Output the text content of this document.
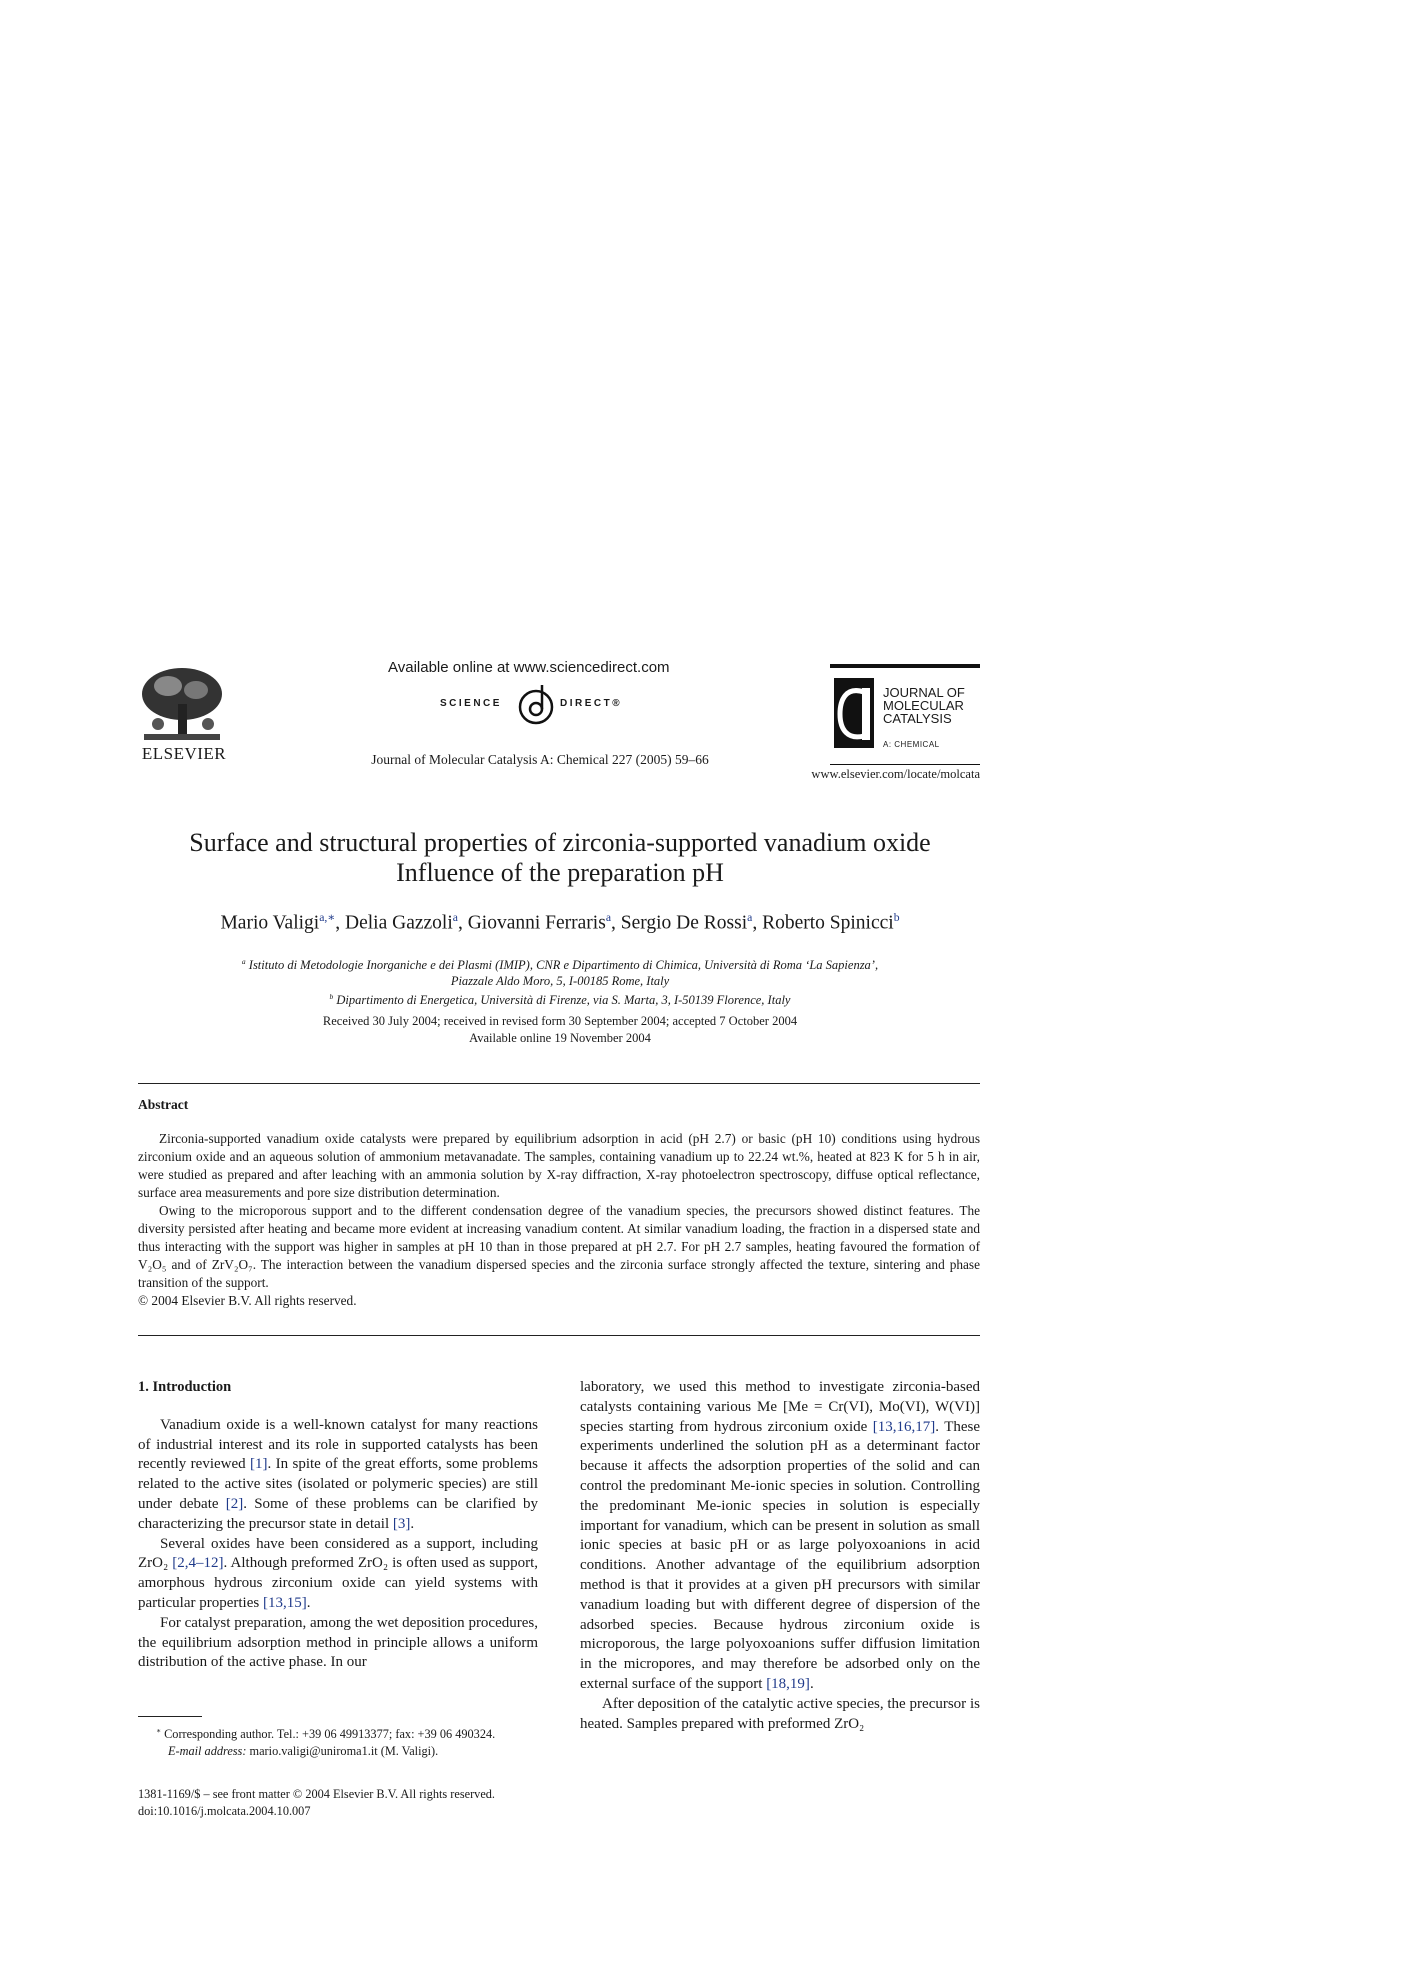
ELSEVIER
Available online at www.sciencedirect.com
SCIENCE	DIRECT®
Journal of Molecular Catalysis A: Chemical 227 (2005) 59–66
JOURNAL OF
MOLECULAR
CATALYSIS
A: CHEMICAL
www.elsevier.com/locate/molcata
Surface and structural properties of zirconia-supported vanadium oxide
Influence of the preparation pH
Mario Valigi$^{a,∗}$, Delia Gazzoli$^a$, Giovanni Ferraris$^a$, Sergio De Rossi$^a$, Roberto Spinicci$^b$
$^a$ Istituto di Metodologie Inorganiche e dei Plasmi (IMIP), CNR e Dipartimento di Chimica, Università di Roma ‘La Sapienza’,
Piazzale Aldo Moro, 5, I-00185 Rome, Italy
$^b$ Dipartimento di Energetica, Università di Firenze, via S. Marta, 3, I-50139 Florence, Italy
Received 30 July 2004; received in revised form 30 September 2004; accepted 7 October 2004
Available online 19 November 2004
Abstract

Zirconia-supported vanadium oxide catalysts were prepared by equilibrium adsorption in acid (pH 2.7) or basic (pH 10) conditions using hydrous zirconium oxide and an aqueous solution of ammonium metavanadate. The samples, containing vanadium up to 22.24 wt.%, heated at 823 K for 5 h in air, were studied as prepared and after leaching with an ammonia solution by X-ray diffraction, X-ray photoelectron spectroscopy, diffuse optical reflectance, surface area measurements and pore size distribution determination.

Owing to the microporous support and to the different condensation degree of the vanadium species, the precursors showed distinct features. The diversity persisted after heating and became more evident at increasing vanadium content. At similar vanadium loading, the fraction in a dispersed state and thus interacting with the support was higher in samples at pH 10 than in those prepared at pH 2.7. For pH 2.7 samples, heating favoured the formation of V₂O₅ and of ZrV₂O₇. The interaction between the vanadium dispersed species and the zirconia surface strongly affected the texture, sintering and phase transition of the support.

© 2004 Elsevier B.V. All rights reserved.

1. Introduction

Vanadium oxide is a well-known catalyst for many reactions of industrial interest and its role in supported catalysts has been recently reviewed [1]. In spite of the great efforts, some problems related to the active sites (isolated or polymeric species) are still under debate [2]. Some of these problems can be clarified by characterizing the precursor state in detail [3].

Several oxides have been considered as a support, including ZrO₂ [2,4–12]. Although preformed ZrO₂ is often used as support, amorphous hydrous zirconium oxide can yield systems with particular properties [13,15].

For catalyst preparation, among the wet deposition procedures, the equilibrium adsorption method in principle allows a uniform distribution of the active phase. In our

laboratory, we used this method to investigate zirconia-based catalysts containing various Me [Me = Cr(VI), Mo(VI), W(VI)] species starting from hydrous zirconium oxide [13,16,17]. These experiments underlined the solution pH as a determinant factor because it affects the adsorption properties of the solid and can control the predominant Me-ionic species in solution. Controlling the predominant Me-ionic species in solution is especially important for vanadium, which can be present in solution as small ionic species at basic pH or as large polyoxoanions in acid conditions. Another advantage of the equilibrium adsorption method is that it provides at a given pH precursors with similar vanadium loading but with different degree of dispersion of the adsorbed species. Because hydrous zirconium oxide is microporous, the large polyoxoanions suffer diffusion limitation in the micropores, and may therefore be adsorbed only on the external surface of the support [18,19].

After deposition of the catalytic active species, the precursor is heated. Samples prepared with preformed ZrO₂

∗ Corresponding author. Tel.: +39 06 49913377; fax: +39 06 490324.
E-mail address: mario.valigi@uniroma1.it (M. Valigi).
1381-1169/$ – see front matter © 2004 Elsevier B.V. All rights reserved.
doi:10.1016/j.molcata.2004.10.007
